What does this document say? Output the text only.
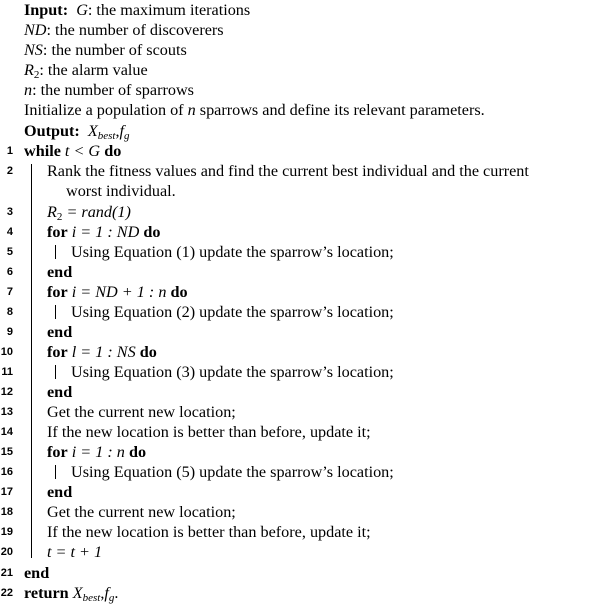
Input: G: the maximum iterations
ND: the number of discoverers
NS: the number of scouts
$R_2$: the alarm value
n: the number of sparrows
Initialize a population of n sparrows and define its relevant parameters.
Output: $X_{best},f_g$
1 while t < G do
2 Rank the fitness values and find the current best individual and the current
worst individual.
3 $R_2$ = rand(1)
4 for i = 1 : ND do
5	Using Equation (1) update the sparrow’s location;
6 end
7 for i = ND + 1 : n do
8	Using Equation (2) update the sparrow’s location;
9 end
10 for l = 1 : NS do
11	Using Equation (3) update the sparrow’s location;
12 end
13 Get the current new location;
14 If the new location is better than before, update it;
15 for i = 1 : n do
16	Using Equation (5) update the sparrow’s location;
17 end
18 Get the current new location;
19 If the new location is better than before, update it;
20 t = t + 1
21 end
22 return $X_{best},f_g$.
